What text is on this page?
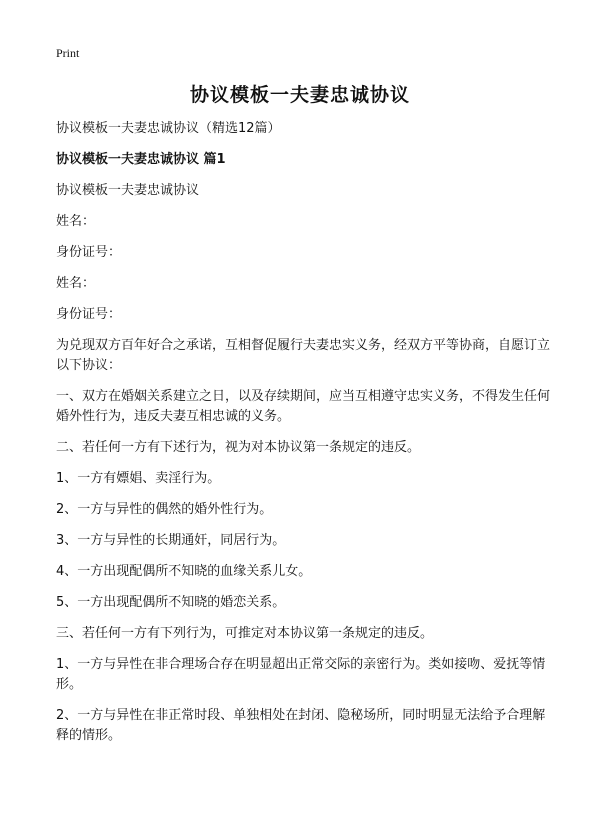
Print
协议模板一夫妻忠诚协议

协议模板一夫妻忠诚协议（精选12篇）

协议模板一夫妻忠诚协议 篇1

协议模板一夫妻忠诚协议

姓名：

身份证号：

姓名：

身份证号：

为兑现双方百年好合之承诺，互相督促履行夫妻忠实义务，经双方平等协商，自愿订立以下协议：

一、双方在婚姻关系建立之日，以及存续期间，应当互相遵守忠实义务，不得发生任何婚外性行为，违反夫妻互相忠诚的义务。

二、若任何一方有下述行为，视为对本协议第一条规定的违反。

1、一方有嫖娼、卖淫行为。

2、一方与异性的偶然的婚外性行为。

3、一方与异性的长期通奸，同居行为。

4、一方出现配偶所不知晓的血缘关系儿女。

5、一方出现配偶所不知晓的婚恋关系。

三、若任何一方有下列行为，可推定对本协议第一条规定的违反。

1、一方与异性在非合理场合存在明显超出正常交际的亲密行为。类如接吻、爱抚等情形。

2、一方与异性在非正常时段、单独相处在封闭、隐秘场所，同时明显无法给予合理解释的情形。
